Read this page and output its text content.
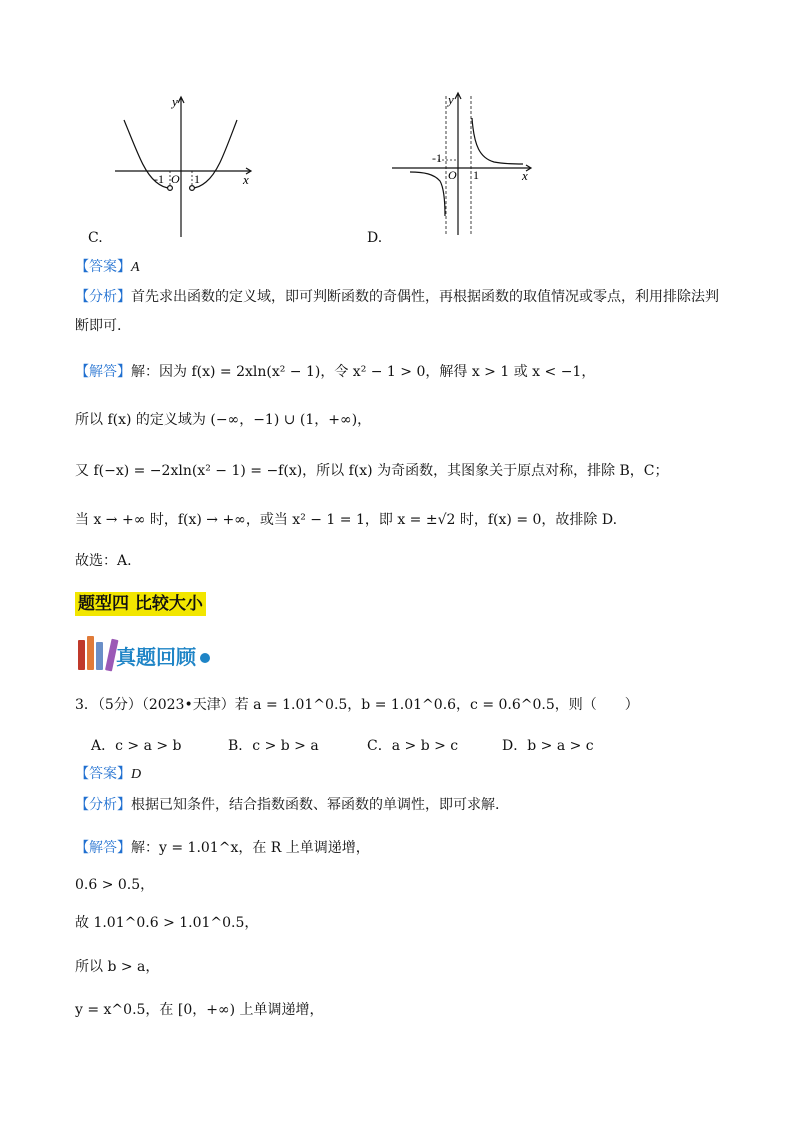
y
x
O
-1	1
C.
y
x
O
-1
1
D.
【答案】A
【分析】首先求出函数的定义域，即可判断函数的奇偶性，再根据函数的取值情况或零点，利用排除法判
断即可.
【解答】解：因为 f(x) = 2xln(x² − 1)，令 x² − 1 > 0，解得 x > 1 或 x < −1，
所以 f(x) 的定义域为 (−∞，−1) ∪ (1，+∞)，
又 f(−x) = −2xln(x² − 1) = −f(x)，所以 f(x) 为奇函数，其图象关于原点对称，排除 B，C；
当 x → +∞ 时，f(x) → +∞，或当 x² − 1 = 1，即 x = ±√2 时，f(x) = 0，故排除 D.
故选：A.
题型四 比较大小
真题回顾
3．（5分）（2023•天津）若 a = 1.01^0.5，b = 1.01^0.6，c = 0.6^0.5，则（　　）
A．c > a > b	B．c > b > a	C．a > b > c	D．b > a > c
【答案】D
【分析】根据已知条件，结合指数函数、幂函数的单调性，即可求解.
【解答】解：y = 1.01^x，在 R 上单调递增，
0.6 > 0.5，
故 1.01^0.6 > 1.01^0.5，
所以 b > a，
y = x^0.5，在 [0，+∞) 上单调递增，
